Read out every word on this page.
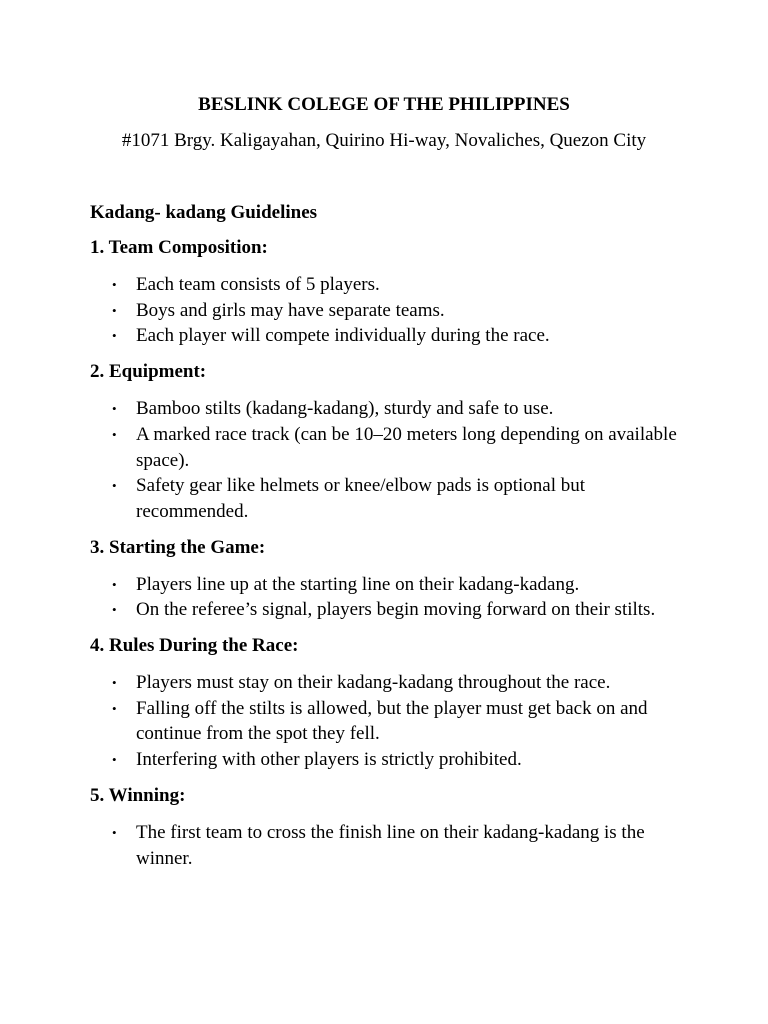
BESLINK COLEGE OF THE PHILIPPINES
#1071 Brgy. Kaligayahan, Quirino Hi-way, Novaliches, Quezon City
Kadang- kadang Guidelines
1. Team Composition:
• Each team consists of 5 players.
• Boys and girls may have separate teams.
• Each player will compete individually during the race.
2. Equipment:
• Bamboo stilts (kadang-kadang), sturdy and safe to use.
• A marked race track (can be 10–20 meters long depending on available space).
• Safety gear like helmets or knee/elbow pads is optional but recommended.
3. Starting the Game:
• Players line up at the starting line on their kadang-kadang.
• On the referee’s signal, players begin moving forward on their stilts.
4. Rules During the Race:
• Players must stay on their kadang-kadang throughout the race.
• Falling off the stilts is allowed, but the player must get back on and continue from the spot they fell.
• Interfering with other players is strictly prohibited.
5. Winning:
• The first team to cross the finish line on their kadang-kadang is the winner.
